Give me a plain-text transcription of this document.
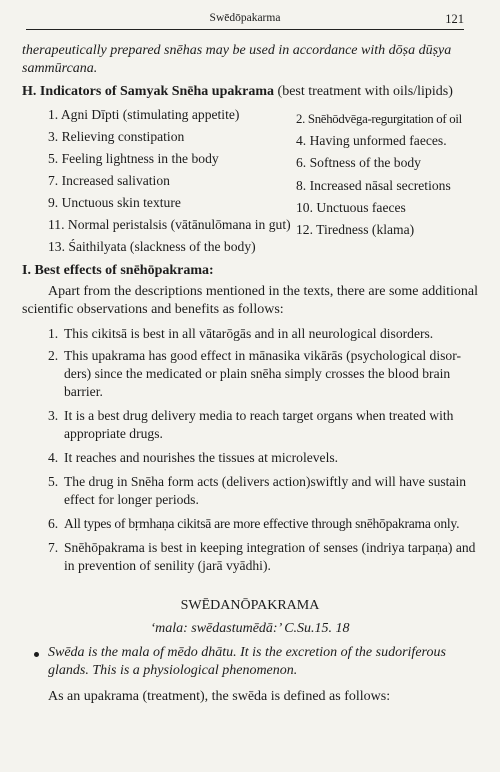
Swēdōpakarma	121
therapeutically prepared snēhas may be used in accordance with dōṣa dūṣya
sammūrcana.
H. Indicators of Samyak Snēha upakrama (best treatment with oils/lipids)
1. Agni Dīpti (stimulating appetite)
3. Relieving constipation
5. Feeling lightness in the body
7. Increased salivation
9. Unctuous skin texture
11. Normal peristalsis (vātānulōmana in gut)
13. Śaithilyata (slackness of the body)
2. Snēhōdvēga-regurgitation of oil
4. Having unformed faeces.
6. Softness of the body
8. Increased nāsal secretions
10. Unctuous faeces
12. Tiredness (klama)
I. Best effects of snēhōpakrama:
Apart from the descriptions mentioned in the texts, there are some additional
scientific observations and benefits as follows:
1. This cikitsā is best in all vātarōgās and in all neurological disorders.
2. This upakrama has good effect in mānasika vikārās (psychological disor-
ders) since the medicated or plain snēha simply crosses the blood brain
barrier.
3. It is a best drug delivery media to reach target organs when treated with
appropriate drugs.
4. It reaches and nourishes the tissues at microlevels.
5. The drug in Snēha form acts (delivers action)swiftly and will have sustain
effect for longer periods.
6. All types of bṛmhaṇa cikitsā are more effective through snēhōpakrama only.
7. Snēhōpakrama is best in keeping integration of senses (indriya tarpaṇa) and
in prevention of senility (jarā vyādhi).
SWĒDANŌPAKRAMA
‘mala: swēdastumēdā:’ C.Su.15. 18
Swēda is the mala of mēdo dhātu. It is the excretion of the sudoriferous
glands. This is a physiological phenomenon.
As an upakrama (treatment), the swēda is defined as follows:
